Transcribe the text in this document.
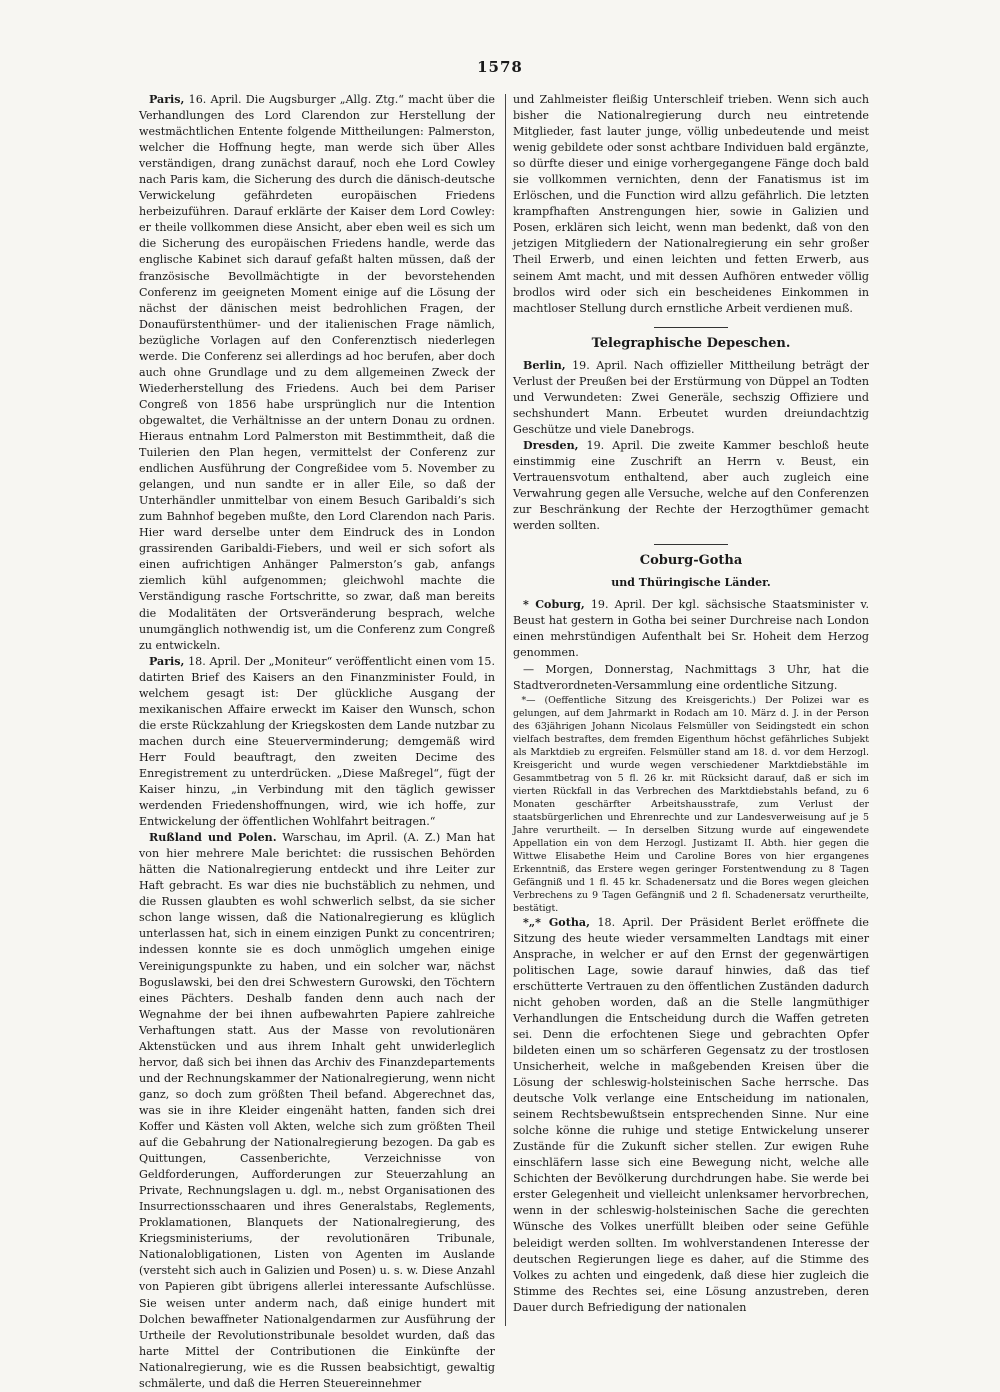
1578

Paris, 16. April. Die Augsburger „Allg. Ztg.“ macht über die Verhandlungen des Lord Clarendon zur Herstellung der westmächtlichen Entente folgende Mittheilungen: Palmerston, welcher die Hoffnung hegte, man werde sich über Alles verständigen, drang zunächst darauf, noch ehe Lord Cowley nach Paris kam, die Sicherung des durch die dänisch-deutsche Verwickelung gefährdeten europäischen Friedens herbeizuführen. Darauf erklärte der Kaiser dem Lord Cowley: er theile vollkommen diese Ansicht, aber eben weil es sich um die Sicherung des europäischen Friedens handle, werde das englische Kabinet sich darauf gefaßt halten müssen, daß der französische Bevollmächtigte in der bevorstehenden Conferenz im geeigneten Moment einige auf die Lösung der nächst der dänischen meist bedrohlichen Fragen, der Donaufürstenthümer- und der italienischen Frage nämlich, bezügliche Vorlagen auf den Conferenztisch niederlegen werde. Die Conferenz sei allerdings ad hoc berufen, aber doch auch ohne Grundlage und zu dem allgemeinen Zweck der Wiederherstellung des Friedens. Auch bei dem Pariser Congreß von 1856 habe ursprünglich nur die Intention obgewaltet, die Verhältnisse an der untern Donau zu ordnen. Hieraus entnahm Lord Palmerston mit Bestimmtheit, daß die Tuilerien den Plan hegen, vermittelst der Conferenz zur endlichen Ausführung der Congreßidee vom 5. November zu gelangen, und nun sandte er in aller Eile, so daß der Unterhändler unmittelbar von einem Besuch Garibaldi’s sich zum Bahnhof begeben mußte, den Lord Clarendon nach Paris. Hier ward derselbe unter dem Eindruck des in London grassirenden Garibaldi-Fiebers, und weil er sich sofort als einen aufrichtigen Anhänger Palmerston’s gab, anfangs ziemlich kühl aufgenommen; gleichwohl machte die Verständigung rasche Fortschritte, so zwar, daß man bereits die Modalitäten der Ortsveränderung besprach, welche unumgänglich nothwendig ist, um die Conferenz zum Congreß zu entwickeln.

Paris, 18. April. Der „Moniteur“ veröffentlicht einen vom 15. datirten Brief des Kaisers an den Finanzminister Fould, in welchem gesagt ist: Der glückliche Ausgang der mexikanischen Affaire erweckt im Kaiser den Wunsch, schon die erste Rückzahlung der Kriegskosten dem Lande nutzbar zu machen durch eine Steuerverminderung; demgemäß wird Herr Fould beauftragt, den zweiten Decime des Enregistrement zu unterdrücken. „Diese Maßregel“, fügt der Kaiser hinzu, „in Verbindung mit den täglich gewisser werdenden Friedenshoffnungen, wird, wie ich hoffe, zur Entwickelung der öffentlichen Wohlfahrt beitragen.“

Rußland und Polen. Warschau, im April. (A. Z.) Man hat von hier mehrere Male berichtet: die russischen Behörden hätten die Nationalregierung entdeckt und ihre Leiter zur Haft gebracht. Es war dies nie buchstäblich zu nehmen, und die Russen glaubten es wohl schwerlich selbst, da sie sicher schon lange wissen, daß die Nationalregierung es klüglich unterlassen hat, sich in einem einzigen Punkt zu concentriren; indessen konnte sie es doch unmöglich umgehen einige Vereinigungspunkte zu haben, und ein solcher war, nächst Boguslawski, bei den drei Schwestern Gurowski, den Töchtern eines Pächters. Deshalb fanden denn auch nach der Wegnahme der bei ihnen aufbewahrten Papiere zahlreiche Verhaftungen statt. Aus der Masse von revolutionären Aktenstücken und aus ihrem Inhalt geht unwiderleglich hervor, daß sich bei ihnen das Archiv des Finanzdepartements und der Rechnungskammer der Nationalregierung, wenn nicht ganz, so doch zum größten Theil befand. Abgerechnet das, was sie in ihre Kleider eingenäht hatten, fanden sich drei Koffer und Kästen voll Akten, welche sich zum größten Theil auf die Gebahrung der Nationalregierung bezogen. Da gab es Quittungen, Cassenberichte, Verzeichnisse von Geldforderungen, Aufforderungen zur Steuerzahlung an Private, Rechnungslagen u. dgl. m., nebst Organisationen des Insurrectionsschaaren und ihres Generalstabs, Reglements, Proklamationen, Blanquets der Nationalregierung, des Kriegsministeriums, der revolutionären Tribunale, Nationalobligationen, Listen von Agenten im Auslande (versteht sich auch in Galizien und Posen) u. s. w. Diese Anzahl von Papieren gibt übrigens allerlei interessante Aufschlüsse. Sie weisen unter anderm nach, daß einige hundert mit Dolchen bewaffneter Nationalgendarmen zur Ausführung der Urtheile der Revolutionstribunale besoldet wurden, daß das harte Mittel der Contributionen die Einkünfte der Nationalregierung, wie es die Russen beabsichtigt, gewaltig schmälerte, und daß die Herren Steuereinnehmer

und Zahlmeister fleißig Unterschleif trieben. Wenn sich auch bisher die Nationalregierung durch neu eintretende Mitglieder, fast lauter junge, völlig unbedeutende und meist wenig gebildete oder sonst achtbare Individuen bald ergänzte, so dürfte dieser und einige vorhergegangene Fänge doch bald sie vollkommen vernichten, denn der Fanatismus ist im Erlöschen, und die Function wird allzu gefährlich. Die letzten krampfhaften Anstrengungen hier, sowie in Galizien und Posen, erklären sich leicht, wenn man bedenkt, daß von den jetzigen Mitgliedern der Nationalregierung ein sehr großer Theil Erwerb, und einen leichten und fetten Erwerb, aus seinem Amt macht, und mit dessen Aufhören entweder völlig brodlos wird oder sich ein bescheidenes Einkommen in machtloser Stellung durch ernstliche Arbeit verdienen muß.

Telegraphische Depeschen.

Berlin, 19. April. Nach offizieller Mittheilung beträgt der Verlust der Preußen bei der Erstürmung von Düppel an Todten und Verwundeten: Zwei Generäle, sechszig Offiziere und sechshundert Mann. Erbeutet wurden dreiundachtzig Geschütze und viele Danebrogs.

Dresden, 19. April. Die zweite Kammer beschloß heute einstimmig eine Zuschrift an Herrn v. Beust, ein Vertrauensvotum enthaltend, aber auch zugleich eine Verwahrung gegen alle Versuche, welche auf den Conferenzen zur Beschränkung der Rechte der Herzogthümer gemacht werden sollten.

Coburg-Gotha
und Thüringische Länder.

* Coburg, 19. April. Der kgl. sächsische Staatsminister v. Beust hat gestern in Gotha bei seiner Durchreise nach London einen mehrstündigen Aufenthalt bei Sr. Hoheit dem Herzog genommen.

— Morgen, Donnerstag, Nachmittags 3 Uhr, hat die Stadtverordneten-Versammlung eine ordentliche Sitzung.

*— (Oeffentliche Sitzung des Kreisgerichts.) Der Polizei war es gelungen, auf dem Jahrmarkt in Rodach am 10. März d. J. in der Person des 63jährigen Johann Nicolaus Felsmüller von Seidingstedt ein schon vielfach bestraftes, dem fremden Eigenthum höchst gefährliches Subjekt als Marktdieb zu ergreifen. Felsmüller stand am 18. d. vor dem Herzogl. Kreisgericht und wurde wegen verschiedener Marktdiebstähle im Gesammtbetrag von 5 fl. 26 kr. mit Rücksicht darauf, daß er sich im vierten Rückfall in das Verbrechen des Marktdiebstahls befand, zu 6 Monaten geschärfter Arbeitshausstrafe, zum Verlust der staatsbürgerlichen und Ehrenrechte und zur Landesverweisung auf je 5 Jahre verurtheilt. — In derselben Sitzung wurde auf eingewendete Appellation ein von dem Herzogl. Justizamt II. Abth. hier gegen die Wittwe Elisabethe Heim und Caroline Bores von hier ergangenes Erkenntniß, das Erstere wegen geringer Forstentwendung zu 8 Tagen Gefängniß und 1 fl. 45 kr. Schadenersatz und die Bores wegen gleichen Verbrechens zu 9 Tagen Gefängniß und 2 fl. Schadenersatz verurtheilte, bestätigt.

*„* Gotha, 18. April. Der Präsident Berlet eröffnete die Sitzung des heute wieder versammelten Landtags mit einer Ansprache, in welcher er auf den Ernst der gegenwärtigen politischen Lage, sowie darauf hinwies, daß das tief erschütterte Vertrauen zu den öffentlichen Zuständen dadurch nicht gehoben worden, daß an die Stelle langmüthiger Verhandlungen die Entscheidung durch die Waffen getreten sei. Denn die erfochtenen Siege und gebrachten Opfer bildeten einen um so schärferen Gegensatz zu der trostlosen Unsicherheit, welche in maßgebenden Kreisen über die Lösung der schleswig-holsteinischen Sache herrsche. Das deutsche Volk verlange eine Entscheidung im nationalen, seinem Rechtsbewußtsein entsprechenden Sinne. Nur eine solche könne die ruhige und stetige Entwickelung unserer Zustände für die Zukunft sicher stellen. Zur ewigen Ruhe einschläfern lasse sich eine Bewegung nicht, welche alle Schichten der Bevölkerung durchdrungen habe. Sie werde bei erster Gelegenheit und vielleicht unlenksamer hervorbrechen, wenn in der schleswig-holsteinischen Sache die gerechten Wünsche des Volkes unerfüllt bleiben oder seine Gefühle beleidigt werden sollten. Im wohlverstandenen Interesse der deutschen Regierungen liege es daher, auf die Stimme des Volkes zu achten und eingedenk, daß diese hier zugleich die Stimme des Rechtes sei, eine Lösung anzustreben, deren Dauer durch Befriedigung der nationalen
